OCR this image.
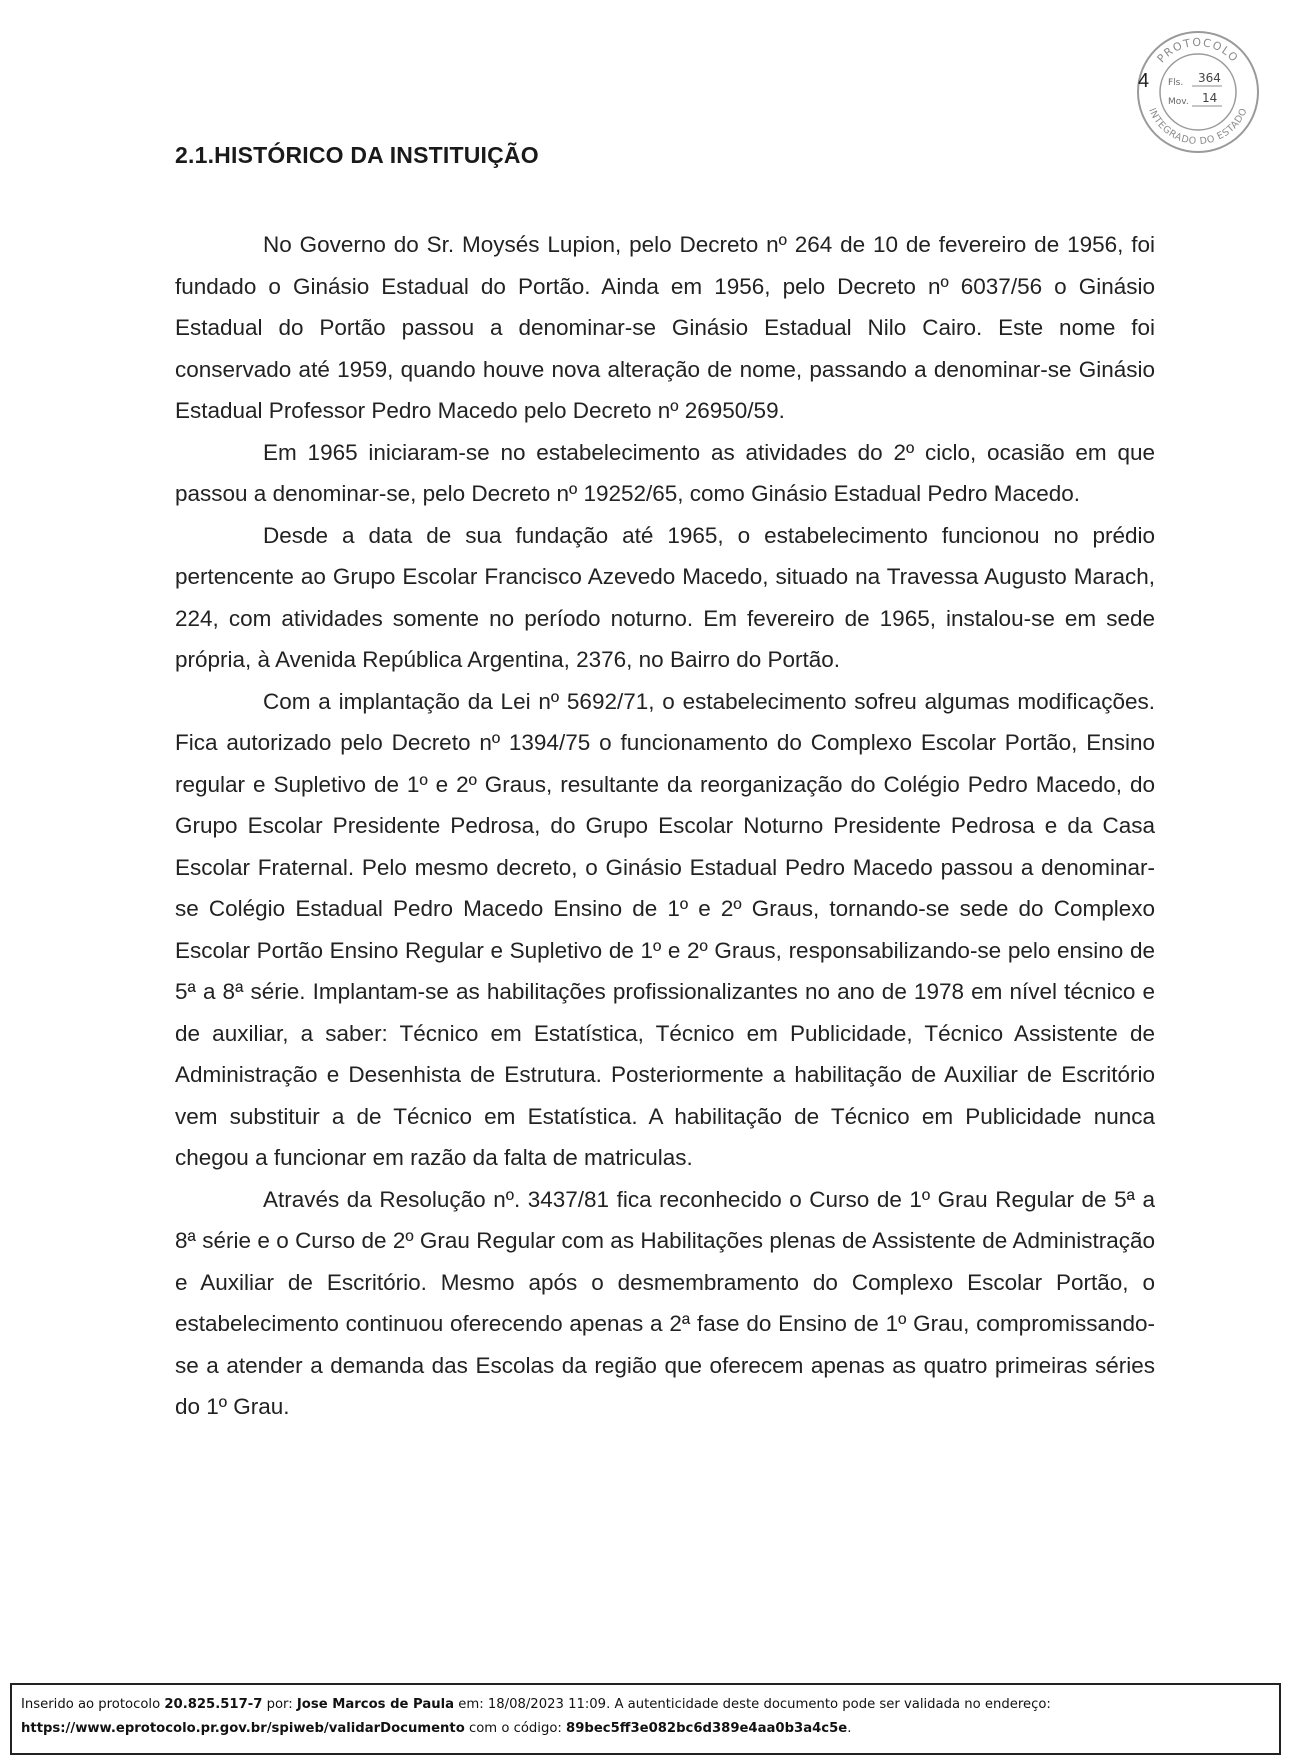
PROTOCOLO
INTEGRADO DO ESTADO
Fls. 364
Mov. 14
4
2.1.HISTÓRICO DA INSTITUIÇÃO

No Governo do Sr. Moysés Lupion, pelo Decreto nº 264 de 10 de fevereiro de 1956, foi fundado o Ginásio Estadual do Portão. Ainda em 1956, pelo Decreto nº 6037/56 o Ginásio Estadual do Portão passou a denominar-se Ginásio Estadual Nilo Cairo. Este nome foi conservado até 1959, quando houve nova alteração de nome, passando a denominar-se Ginásio Estadual Professor Pedro Macedo pelo Decreto nº 26950/59.

Em 1965 iniciaram-se no estabelecimento as atividades do 2º ciclo, ocasião em que passou a denominar-se, pelo Decreto nº 19252/65, como Ginásio Estadual Pedro Macedo.

Desde a data de sua fundação até 1965, o estabelecimento funcionou no prédio pertencente ao Grupo Escolar Francisco Azevedo Macedo, situado na Travessa Augusto Marach, 224, com atividades somente no período noturno. Em fevereiro de 1965, instalou-se em sede própria, à Avenida República Argentina, 2376, no Bairro do Portão.

Com a implantação da Lei nº 5692/71, o estabelecimento sofreu algumas modificações. Fica autorizado pelo Decreto nº 1394/75 o funcionamento do Complexo Escolar Portão, Ensino regular e Supletivo de 1º e 2º Graus, resultante da reorganização do Colégio Pedro Macedo, do Grupo Escolar Presidente Pedrosa, do Grupo Escolar Noturno Presidente Pedrosa e da Casa Escolar Fraternal. Pelo mesmo decreto, o Ginásio Estadual Pedro Macedo passou a denominar-se Colégio Estadual Pedro Macedo Ensino de 1º e 2º Graus, tornando-se sede do Complexo Escolar Portão Ensino Regular e Supletivo de 1º e 2º Graus, responsabilizando-se pelo ensino de 5ª a 8ª série. Implantam-se as habilitações profissionalizantes no ano de 1978 em nível técnico e de auxiliar, a saber: Técnico em Estatística, Técnico em Publicidade, Técnico Assistente de Administração e Desenhista de Estrutura. Posteriormente a habilitação de Auxiliar de Escritório vem substituir a de Técnico em Estatística. A habilitação de Técnico em Publicidade nunca chegou a funcionar em razão da falta de matriculas.

Através da Resolução nº. 3437/81 fica reconhecido o Curso de 1º Grau Regular de 5ª a 8ª série e o Curso de 2º Grau Regular com as Habilitações plenas de Assistente de Administração e Auxiliar de Escritório. Mesmo após o desmembramento do Complexo Escolar Portão, o estabelecimento continuou oferecendo apenas a 2ª fase do Ensino de 1º Grau, compromissando-se a atender a demanda das Escolas da região que oferecem apenas as quatro primeiras séries do 1º Grau.

Inserido ao protocolo 20.825.517-7 por: Jose Marcos de Paula em: 18/08/2023 11:09. A autenticidade deste documento pode ser validada no endereço:
https://www.eprotocolo.pr.gov.br/spiweb/validarDocumento com o código: 89bec5ff3e082bc6d389e4aa0b3a4c5e.
